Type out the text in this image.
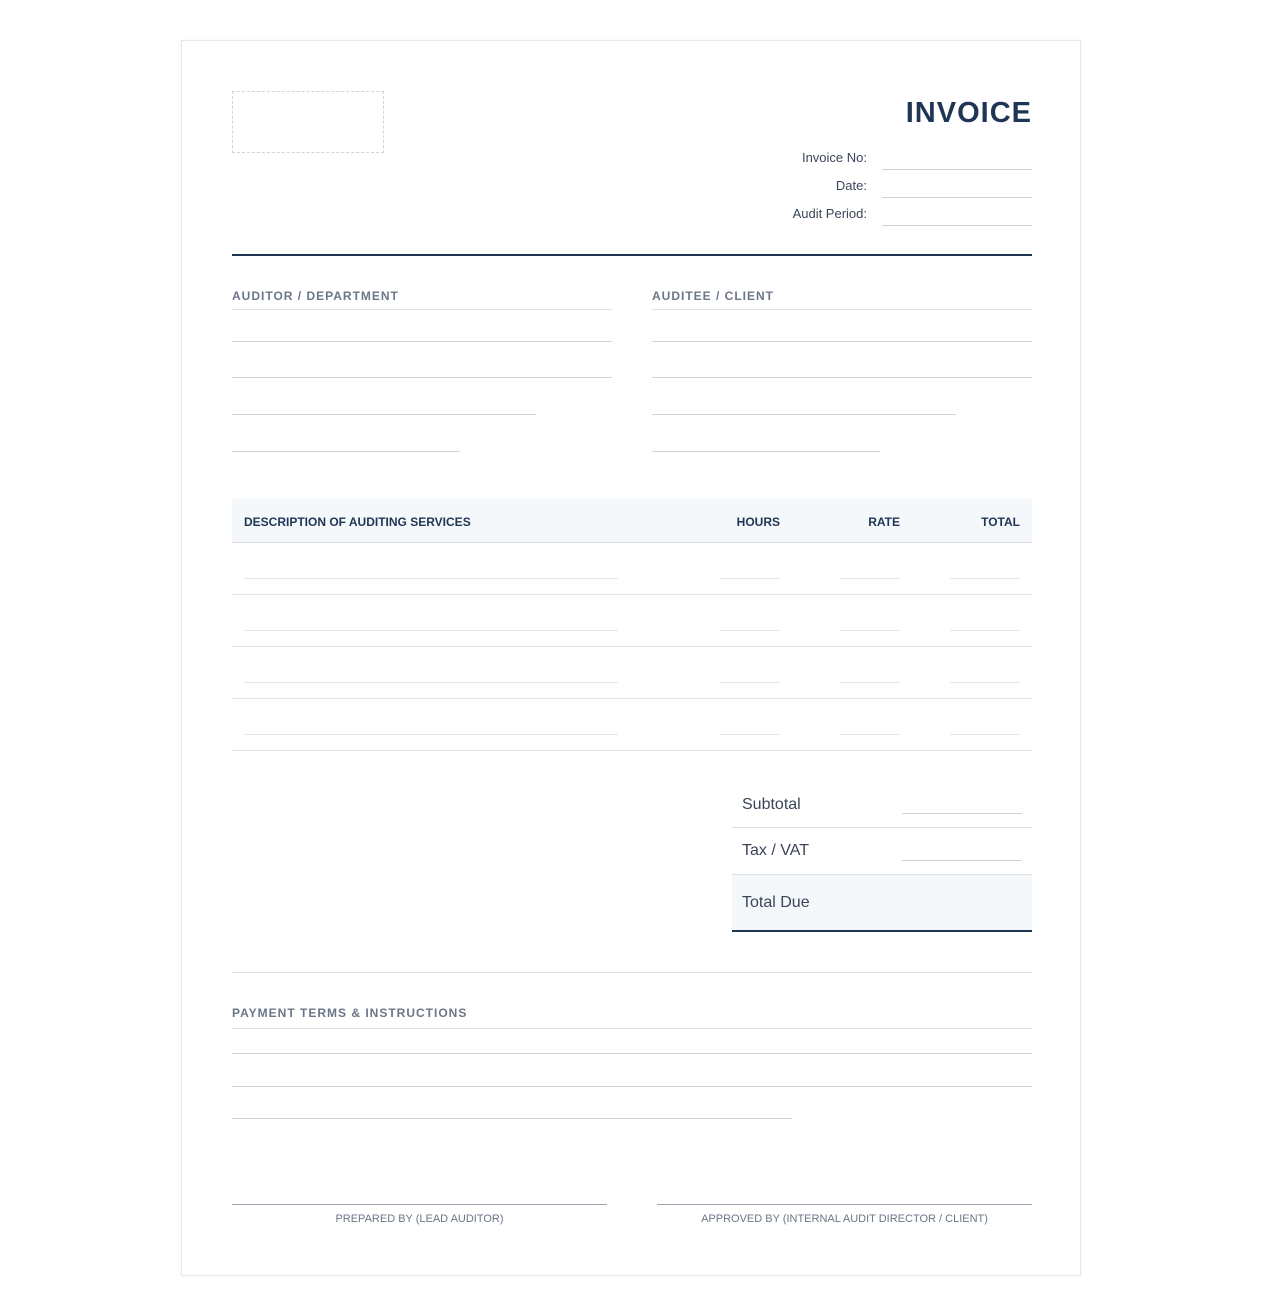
INVOICE
Invoice No:
Date:
Audit Period:
AUDITOR / DEPARTMENT	AUDITEE / CLIENT
DESCRIPTION OF AUDITING SERVICES	HOURS	RATE	TOTAL
Subtotal
Tax / VAT
Total Due
PAYMENT TERMS & INSTRUCTIONS
PREPARED BY (LEAD AUDITOR)	APPROVED BY (INTERNAL AUDIT DIRECTOR / CLIENT)
